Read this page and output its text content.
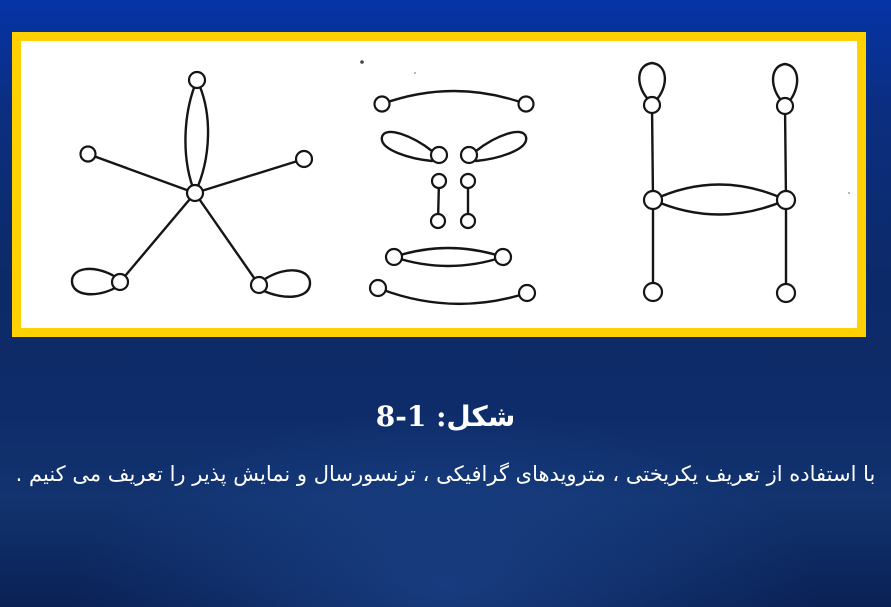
شكل: 1-8
با استفاده از تعریف یکریختی ، مترویدهای گرافیکی ، ترنسورسال و نمایش پذیر را تعریف می کنیم .
